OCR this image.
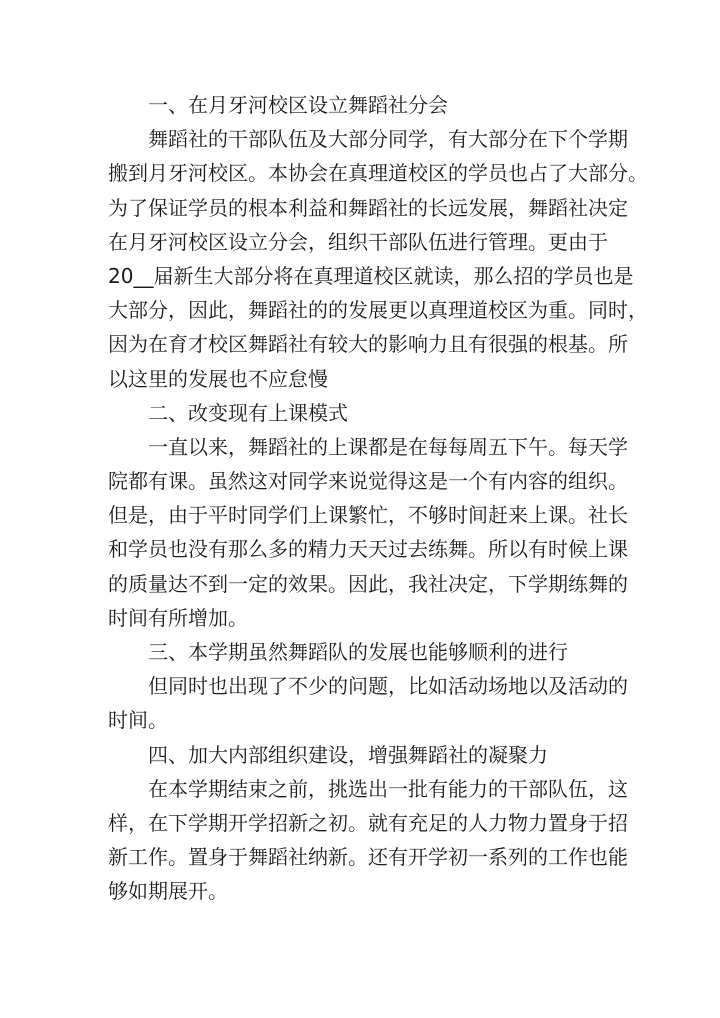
一、在月牙河校区设立舞蹈社分会
舞蹈社的干部队伍及大部分同学，有大部分在下个学期
搬到月牙河校区。本协会在真理道校区的学员也占了大部分。
为了保证学员的根本利益和舞蹈社的长远发展，舞蹈社决定
在月牙河校区设立分会，组织干部队伍进行管理。更由于
20__届新生大部分将在真理道校区就读，那么招的学员也是
大部分，因此，舞蹈社的的发展更以真理道校区为重。同时，
因为在育才校区舞蹈社有较大的影响力且有很强的根基。所
以这里的发展也不应怠慢
二、改变现有上课模式
一直以来，舞蹈社的上课都是在每每周五下午。每天学
院都有课。虽然这对同学来说觉得这是一个有内容的组织。
但是，由于平时同学们上课繁忙，不够时间赶来上课。社长
和学员也没有那么多的精力天天过去练舞。所以有时候上课
的质量达不到一定的效果。因此，我社决定，下学期练舞的
时间有所增加。
三、本学期虽然舞蹈队的发展也能够顺利的进行
但同时也出现了不少的问题，比如活动场地以及活动的
时间。
四、加大内部组织建设，增强舞蹈社的凝聚力
在本学期结束之前，挑选出一批有能力的干部队伍，这
样，在下学期开学招新之初。就有充足的人力物力置身于招
新工作。置身于舞蹈社纳新。还有开学初一系列的工作也能
够如期展开。
